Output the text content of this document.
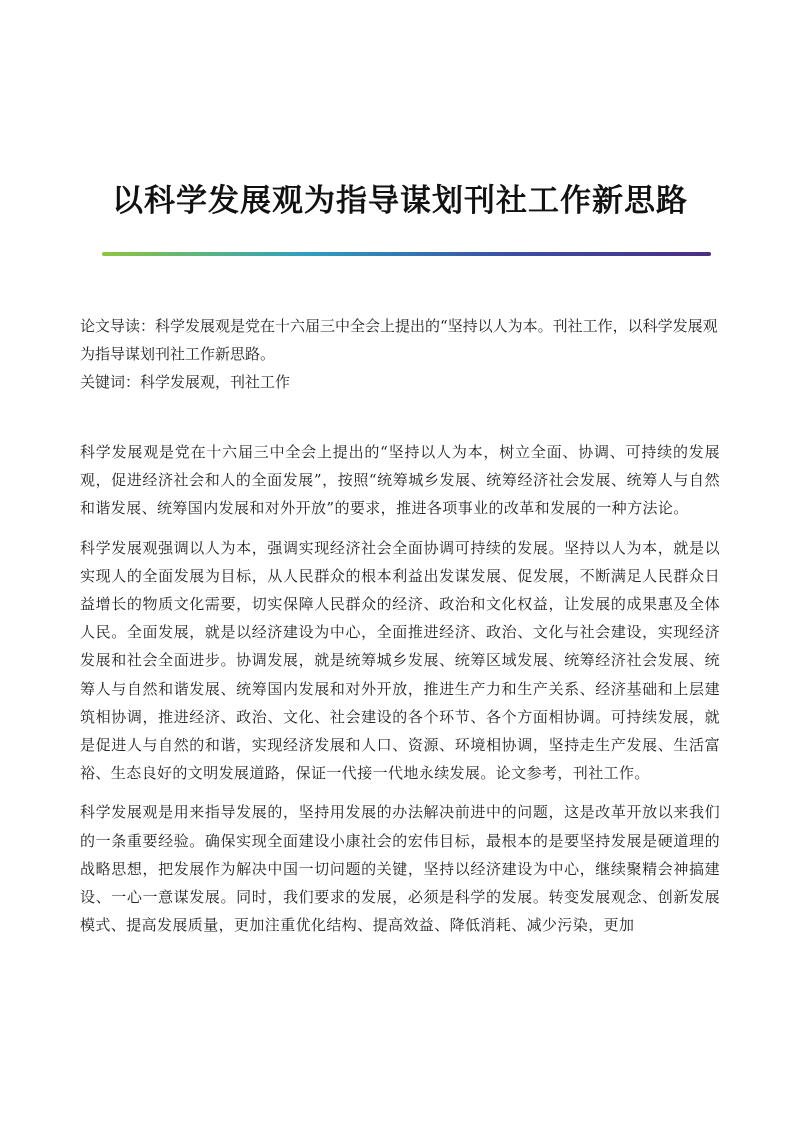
以科学发展观为指导谋划刊社工作新思路

论文导读：科学发展观是党在十六届三中全会上提出的“坚持以人为本。刊社工作，以科学发展观为指导谋划刊社工作新思路。

关键词：科学发展观，刊社工作

科学发展观是党在十六届三中全会上提出的“坚持以人为本，树立全面、协调、可持续的发展观，促进经济社会和人的全面发展”，按照“统筹城乡发展、统筹经济社会发展、统筹人与自然和谐发展、统筹国内发展和对外开放”的要求，推进各项事业的改革和发展的一种方法论。

科学发展观强调以人为本，强调实现经济社会全面协调可持续的发展。坚持以人为本，就是以实现人的全面发展为目标，从人民群众的根本利益出发谋发展、促发展，不断满足人民群众日益增长的物质文化需要，切实保障人民群众的经济、政治和文化权益，让发展的成果惠及全体人民。全面发展，就是以经济建设为中心，全面推进经济、政治、文化与社会建设，实现经济发展和社会全面进步。协调发展，就是统筹城乡发展、统筹区域发展、统筹经济社会发展、统筹人与自然和谐发展、统筹国内发展和对外开放，推进生产力和生产关系、经济基础和上层建筑相协调，推进经济、政治、文化、社会建设的各个环节、各个方面相协调。可持续发展，就是促进人与自然的和谐，实现经济发展和人口、资源、环境相协调，坚持走生产发展、生活富裕、生态良好的文明发展道路，保证一代接一代地永续发展。论文参考，刊社工作。

科学发展观是用来指导发展的，坚持用发展的办法解决前进中的问题，这是改革开放以来我们的一条重要经验。确保实现全面建设小康社会的宏伟目标，最根本的是要坚持发展是硬道理的战略思想，把发展作为解决中国一切问题的关键，坚持以经济建设为中心，继续聚精会神搞建设、一心一意谋发展。同时，我们要求的发展，必须是科学的发展。转变发展观念、创新发展模式、提高发展质量，更加注重优化结构、提高效益、降低消耗、减少污染，更加
